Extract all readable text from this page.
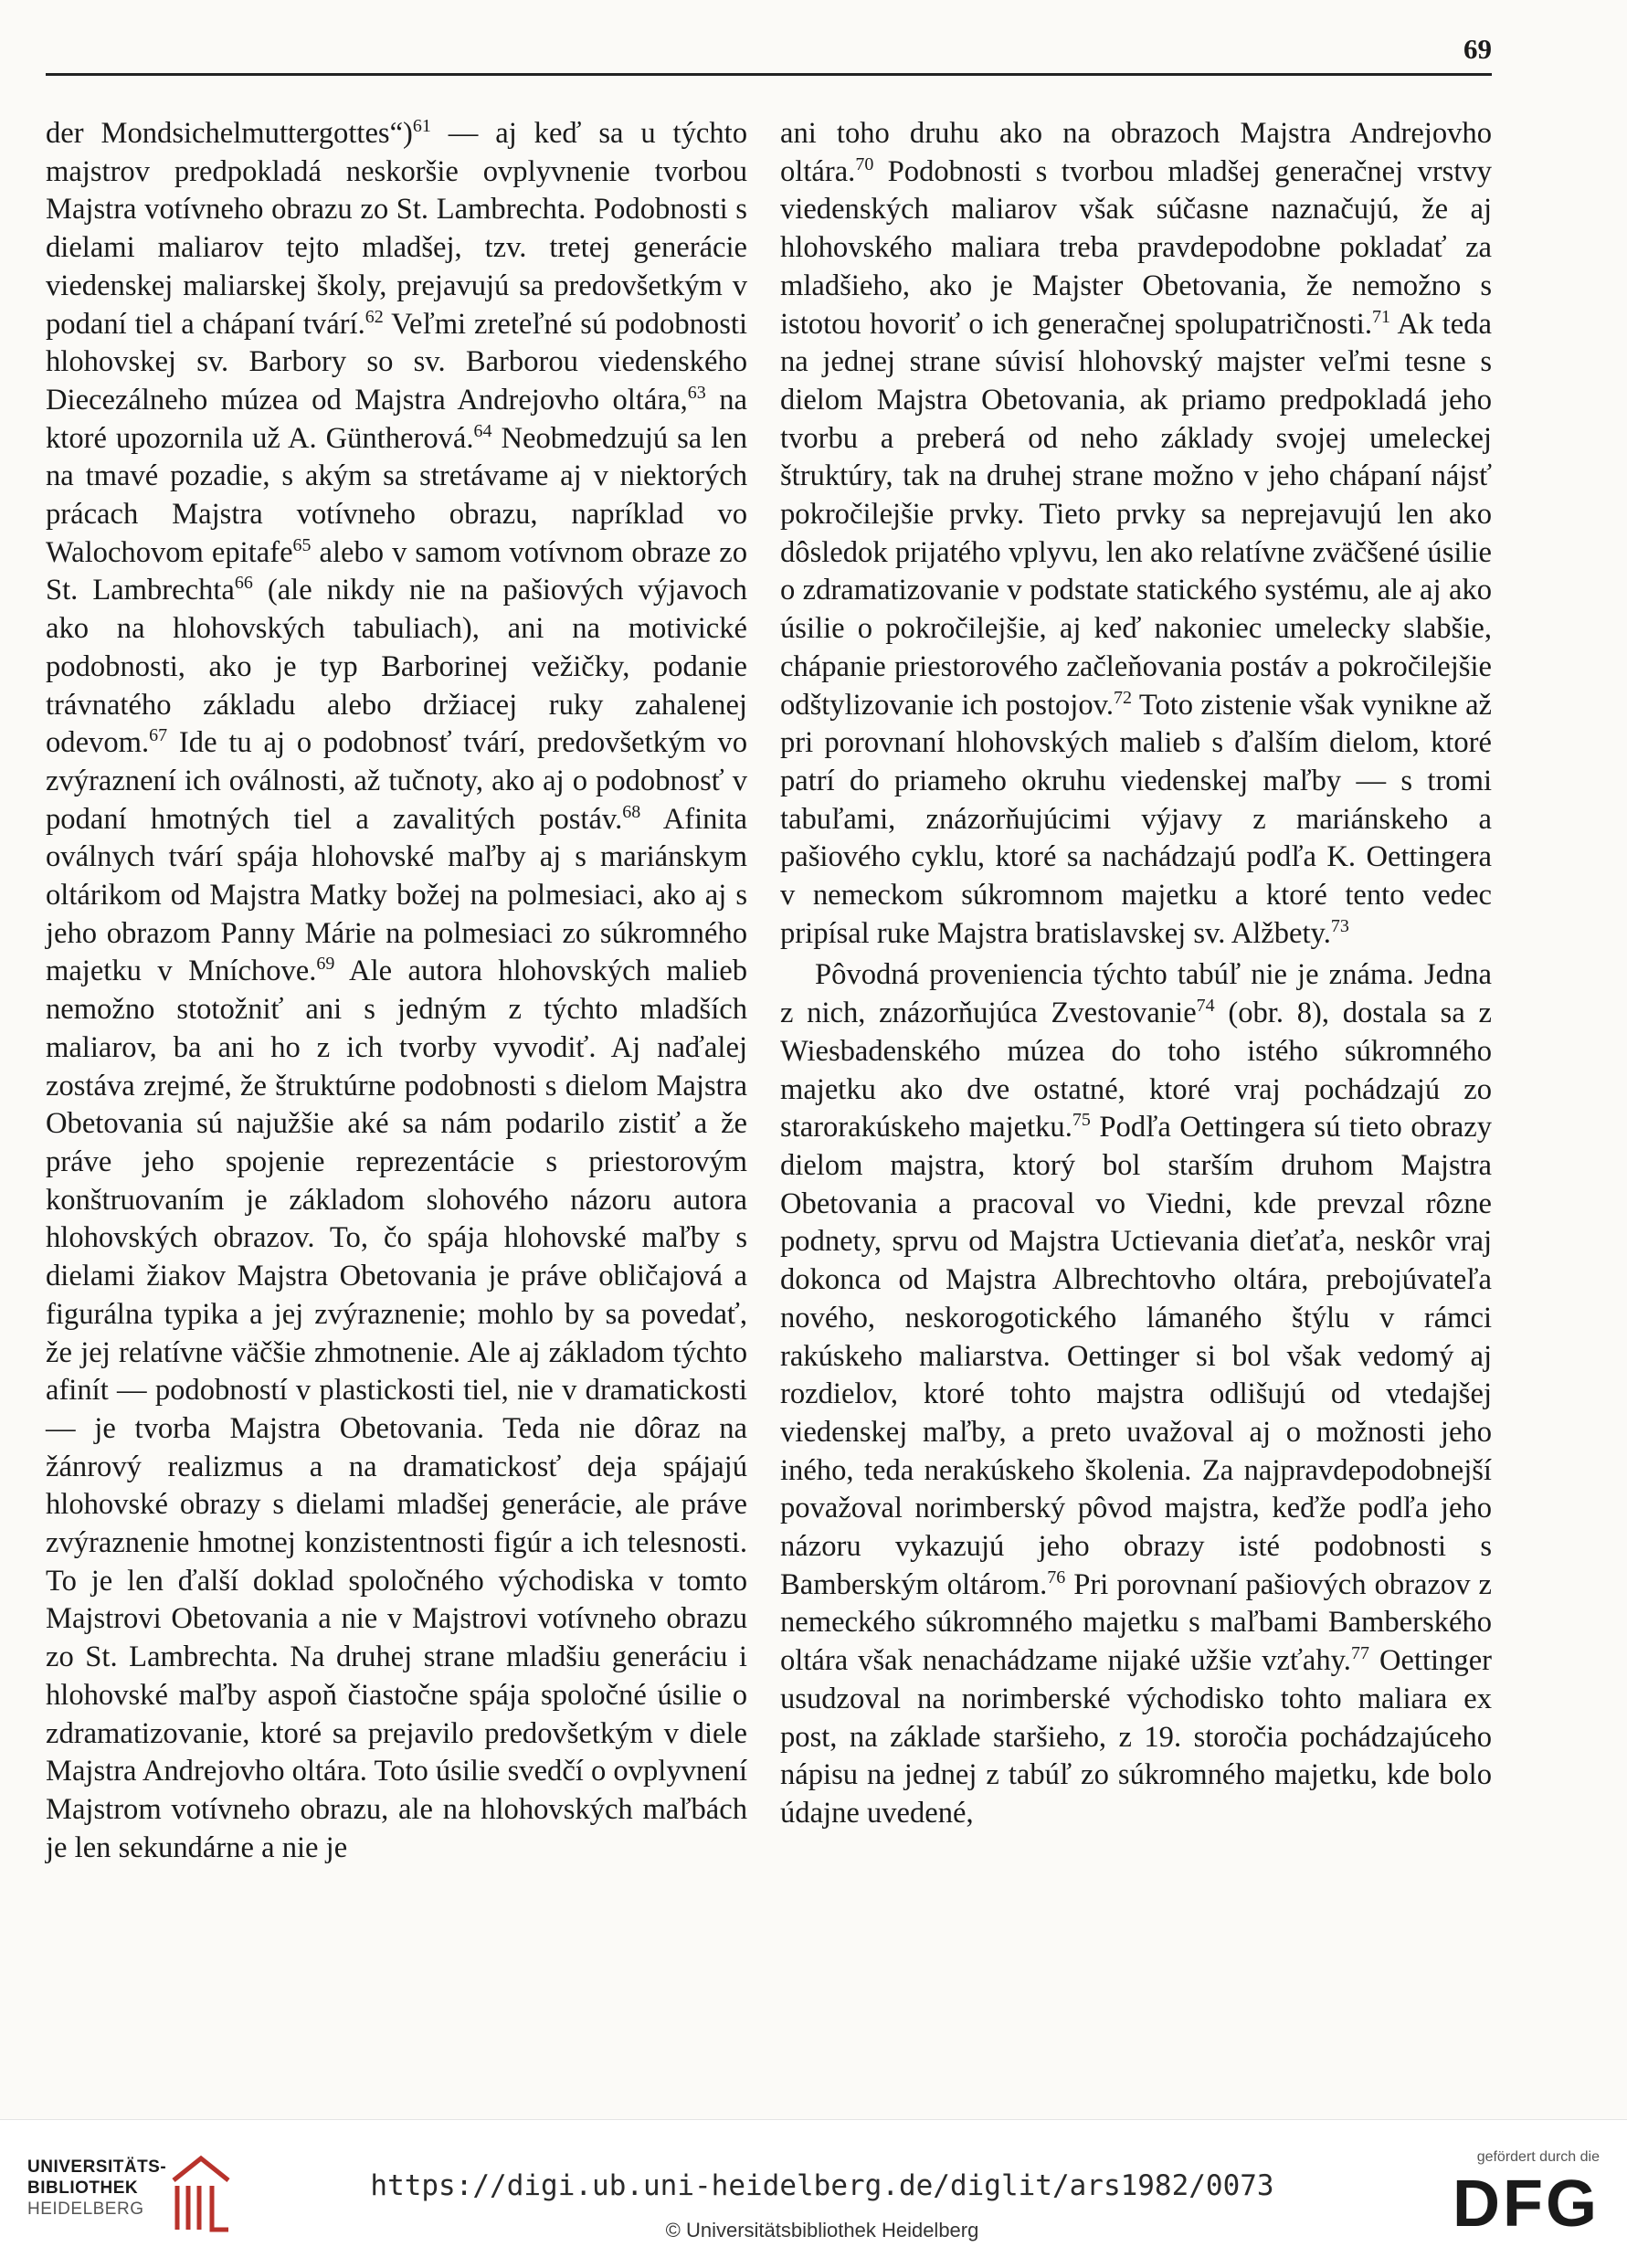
69

der Mondsichelmuttergottes“)$^{61}$ — aj keď sa u týchto majstrov predpokladá neskoršie ovplyvnenie tvorbou Majstra votívneho obrazu zo St. Lambrechta. Podobnosti s dielami maliarov tejto mladšej, tzv. tretej generácie viedenskej maliarskej školy, prejavujú sa predovšetkým v podaní tiel a chápaní tvárí.$^{62}$ Veľmi zreteľné sú podobnosti hlohovskej sv. Barbory so sv. Barborou viedenského Diecezálneho múzea od Majstra Andrejovho oltára,$^{63}$ na ktoré upozornila už A. Güntherová.$^{64}$ Neobmedzujú sa len na tmavé pozadie, s akým sa stretávame aj v niektorých prácach Majstra votívneho obrazu, napríklad vo Walochovom epitafe$^{65}$ alebo v samom votívnom obraze zo St. Lambrechta$^{66}$ (ale nikdy nie na pašiových výjavoch ako na hlohovských tabuliach), ani na motivické podobnosti, ako je typ Barborinej vežičky, podanie trávnatého základu alebo držiacej ruky zahalenej odevom.$^{67}$ Ide tu aj o podobnosť tvárí, predovšetkým vo zvýraznení ich oválnosti, až tučnoty, ako aj o podobnosť v podaní hmotných tiel a zavalitých postáv.$^{68}$ Afinita oválnych tvárí spája hlohovské maľby aj s mariánskym oltárikom od Majstra Matky božej na polmesiaci, ako aj s jeho obrazom Panny Márie na polmesiaci zo súkromného majetku v Mníchove.$^{69}$ Ale autora hlohovských malieb nemožno stotožniť ani s jedným z týchto mladších maliarov, ba ani ho z ich tvorby vyvodiť. Aj naďalej zostáva zrejmé, že štruktúrne podobnosti s dielom Majstra Obetovania sú najužšie aké sa nám podarilo zistiť a že práve jeho spojenie reprezentácie s priestorovým konštruovaním je základom slohového názoru autora hlohovských obrazov. To, čo spája hlohovské maľby s dielami žiakov Majstra Obetovania je práve obličajová a figurálna typika a jej zvýraznenie; mohlo by sa povedať, že jej relatívne väčšie zhmotnenie. Ale aj základom týchto afinít — podobností v plastickosti tiel, nie v dramatickosti — je tvorba Majstra Obetovania. Teda nie dôraz na žánrový realizmus a na dramatickosť deja spájajú hlohovské obrazy s dielami mladšej generácie, ale práve zvýraznenie hmotnej konzistentnosti figúr a ich telesnosti. To je len ďalší doklad spoločného východiska v tomto Majstrovi Obetovania a nie v Majstrovi votívneho obrazu zo St. Lambrechta. Na druhej strane mladšiu generáciu i hlohovské maľby aspoň čiastočne spája spoločné úsilie o zdramatizovanie, ktoré sa prejavilo predovšetkým v diele Majstra Andrejovho oltára. Toto úsilie svedčí o ovplyvnení Majstrom votívneho obrazu, ale na hlohovských maľbách je len sekundárne a nie je

ani toho druhu ako na obrazoch Majstra Andrejovho oltára.$^{70}$ Podobnosti s tvorbou mladšej generačnej vrstvy viedenských maliarov však súčasne naznačujú, že aj hlohovského maliara treba pravdepodobne pokladať za mladšieho, ako je Majster Obetovania, že nemožno s istotou hovoriť o ich generačnej spolupatričnosti.$^{71}$ Ak teda na jednej strane súvisí hlohovský majster veľmi tesne s dielom Majstra Obetovania, ak priamo predpokladá jeho tvorbu a preberá od neho základy svojej umeleckej štruktúry, tak na druhej strane možno v jeho chápaní nájsť pokročilejšie prvky. Tieto prvky sa neprejavujú len ako dôsledok prijatého vplyvu, len ako relatívne zväčšené úsilie o zdramatizovanie v podstate statického systému, ale aj ako úsilie o pokročilejšie, aj keď nakoniec umelecky slabšie, chápanie priestorového začleňovania postáv a pokročilejšie odštylizovanie ich postojov.$^{72}$ Toto zistenie však vynikne až pri porovnaní hlohovských malieb s ďalším dielom, ktoré patrí do priameho okruhu viedenskej maľby — s tromi tabuľami, znázorňujúcimi výjavy z mariánskeho a pašiového cyklu, ktoré sa nachádzajú podľa K. Oettingera v nemeckom súkromnom majetku a ktoré tento vedec pripísal ruke Majstra bratislavskej sv. Alžbety.$^{73}$

Pôvodná proveniencia týchto tabúľ nie je známa. Jedna z nich, znázorňujúca Zvestovanie$^{74}$ (obr. 8), dostala sa z Wiesbadenského múzea do toho istého súkromného majetku ako dve ostatné, ktoré vraj pochádzajú zo starorakúskeho majetku.$^{75}$ Podľa Oettingera sú tieto obrazy dielom majstra, ktorý bol starším druhom Majstra Obetovania a pracoval vo Viedni, kde prevzal rôzne podnety, sprvu od Majstra Uctievania dieťaťa, neskôr vraj dokonca od Majstra Albrechtovho oltára, prebojúvateľa nového, neskorogotického lámaného štýlu v rámci rakúskeho maliarstva. Oettinger si bol však vedomý aj rozdielov, ktoré tohto majstra odlišujú od vtedajšej viedenskej maľby, a preto uvažoval aj o možnosti jeho iného, teda nerakúskeho školenia. Za najpravdepodobnejší považoval norimberský pôvod majstra, keďže podľa jeho názoru vykazujú jeho obrazy isté podobnosti s Bamberským oltárom.$^{76}$ Pri porovnaní pašiových obrazov z nemeckého súkromného majetku s maľbami Bamberského oltára však nenachádzame nijaké užšie vzťahy.$^{77}$ Oettinger usudzoval na norimberské východisko tohto maliara ex post, na základe staršieho, z 19. storočia pochádzajúceho nápisu na jednej z tabúľ zo súkromného majetku, kde bolo údajne uvedené,

UNIVERSITÄTS-
BIBLIOTHEK
HEIDELBERG
https://digi.ub.uni-heidelberg.de/diglit/ars1982/0073
© Universitätsbibliothek Heidelberg

gefördert durch die

DFG
